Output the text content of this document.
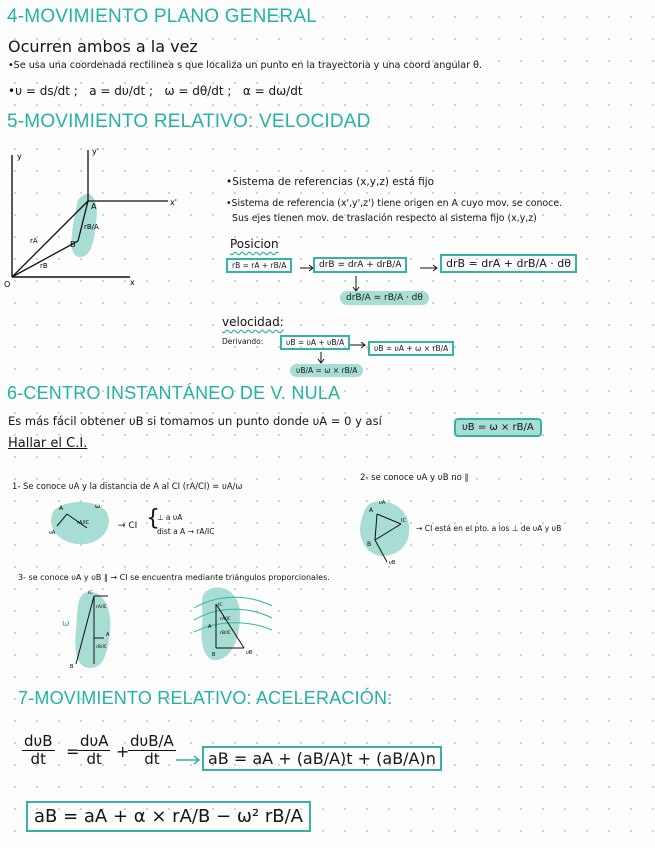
4-MOVIMIENTO PLANO GENERAL
Ocurren ambos a la vez
•Se usa una coordenada rectilinea s que localiza un punto en la trayectoria y una coord angular θ.
•υ = ds/dt ; a = dυ/dt ; ω = dθ/dt ; α = dω/dt
5-MOVIMIENTO RELATIVO: VELOCIDAD
y
y'
x
x'
O
A
B
rA
rB
rB/A
•Sistema de referencias (x,y,z) está fijo
•Sistema de referencia (x',y',z') tiene origen en A cuyo mov. se conoce.
Sus ejes tienen mov. de traslación respecto al sistema fijo (x,y,z)
Posicion
rB = rA + rB/A	drB = drA + drB/A	drB = drA + drB/A · dθ
drB/A = rB/A · dθ
velocidad:
Derivando:	υB = υA + υB/A
υB = υA + ω × rB/A
υB/A = ω × rB/A
6-CENTRO INSTANTÁNEO DE V. NULA
Es más fácil obtener υB si tomamos un punto donde υA = 0 y así	υB = ω × rB/A
Hallar el C.I.
1- Se conoce υA y la distancia de A al CI (rA/CI) = υA/ω
A
rA/IC
υA
ω
→ CI {
⊥ a υA
dist a A → rA/IC
2- se conoce υA y υB no ∥
A
B
IC
υA
υB
→ CI está en el pto. a los ⊥ de υA y υB
3- se conoce υA y υB ∥ → CI se encuentra mediante triángulos proporcionales.
ω
rA/IC
rB/IC
IC
A
B
IC
rA/IC
rB/IC
A
B	υB
7-MOVIMIENTO RELATIVO: ACELERACIÓN:
dυB
dt	=
dυA
dt +
dυB/A
dt	aB = aA + (aB/A)t + (aB/A)n
aB = aA + α × rA/B − ω² rB/A
